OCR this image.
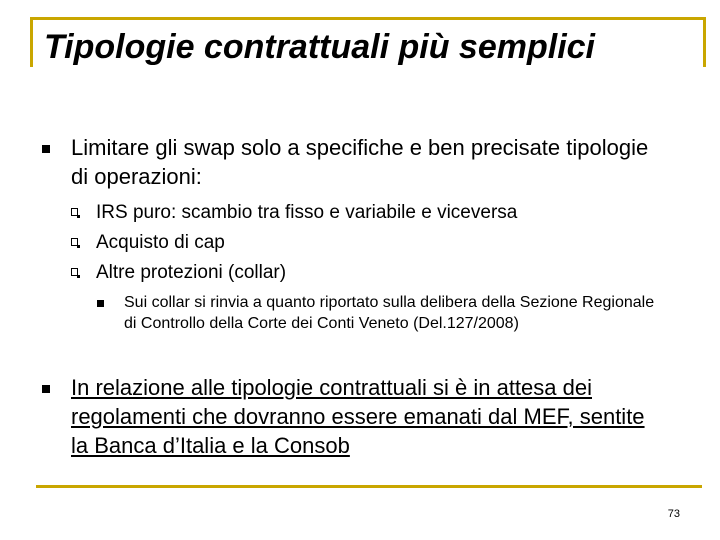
Tipologie contrattuali più semplici
Limitare gli swap solo a specifiche e ben precisate tipologie di operazioni:
IRS puro: scambio tra fisso e variabile e viceversa
Acquisto di cap
Altre protezioni (collar)
Sui collar si rinvia a quanto riportato sulla delibera della Sezione Regionale di Controllo della Corte dei Conti Veneto (Del.127/2008)
In relazione alle tipologie contrattuali si è in attesa dei regolamenti che dovranno essere emanati dal MEF, sentite la Banca d’Italia e la Consob
73
